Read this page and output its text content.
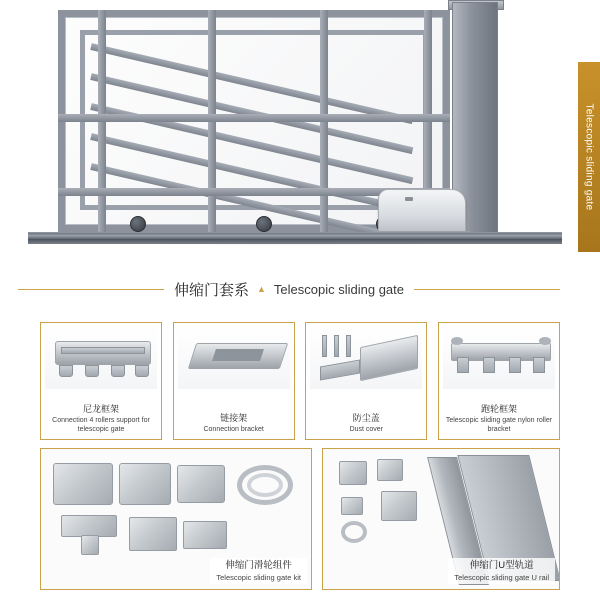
Telescopic sliding gate
伸缩门套系 ▲ Telescopic sliding gate
尼龙框架
Connection 4 rollers support for telescopic gate
链接架
Connection bracket
防尘盖
Dust cover
跑轮框架
Telescopic sliding gate nylon roller bracket
伸缩门滑轮组件
Telescopic sliding gate kit
伸缩门U型轨道
Telescopic sliding gate U rail
